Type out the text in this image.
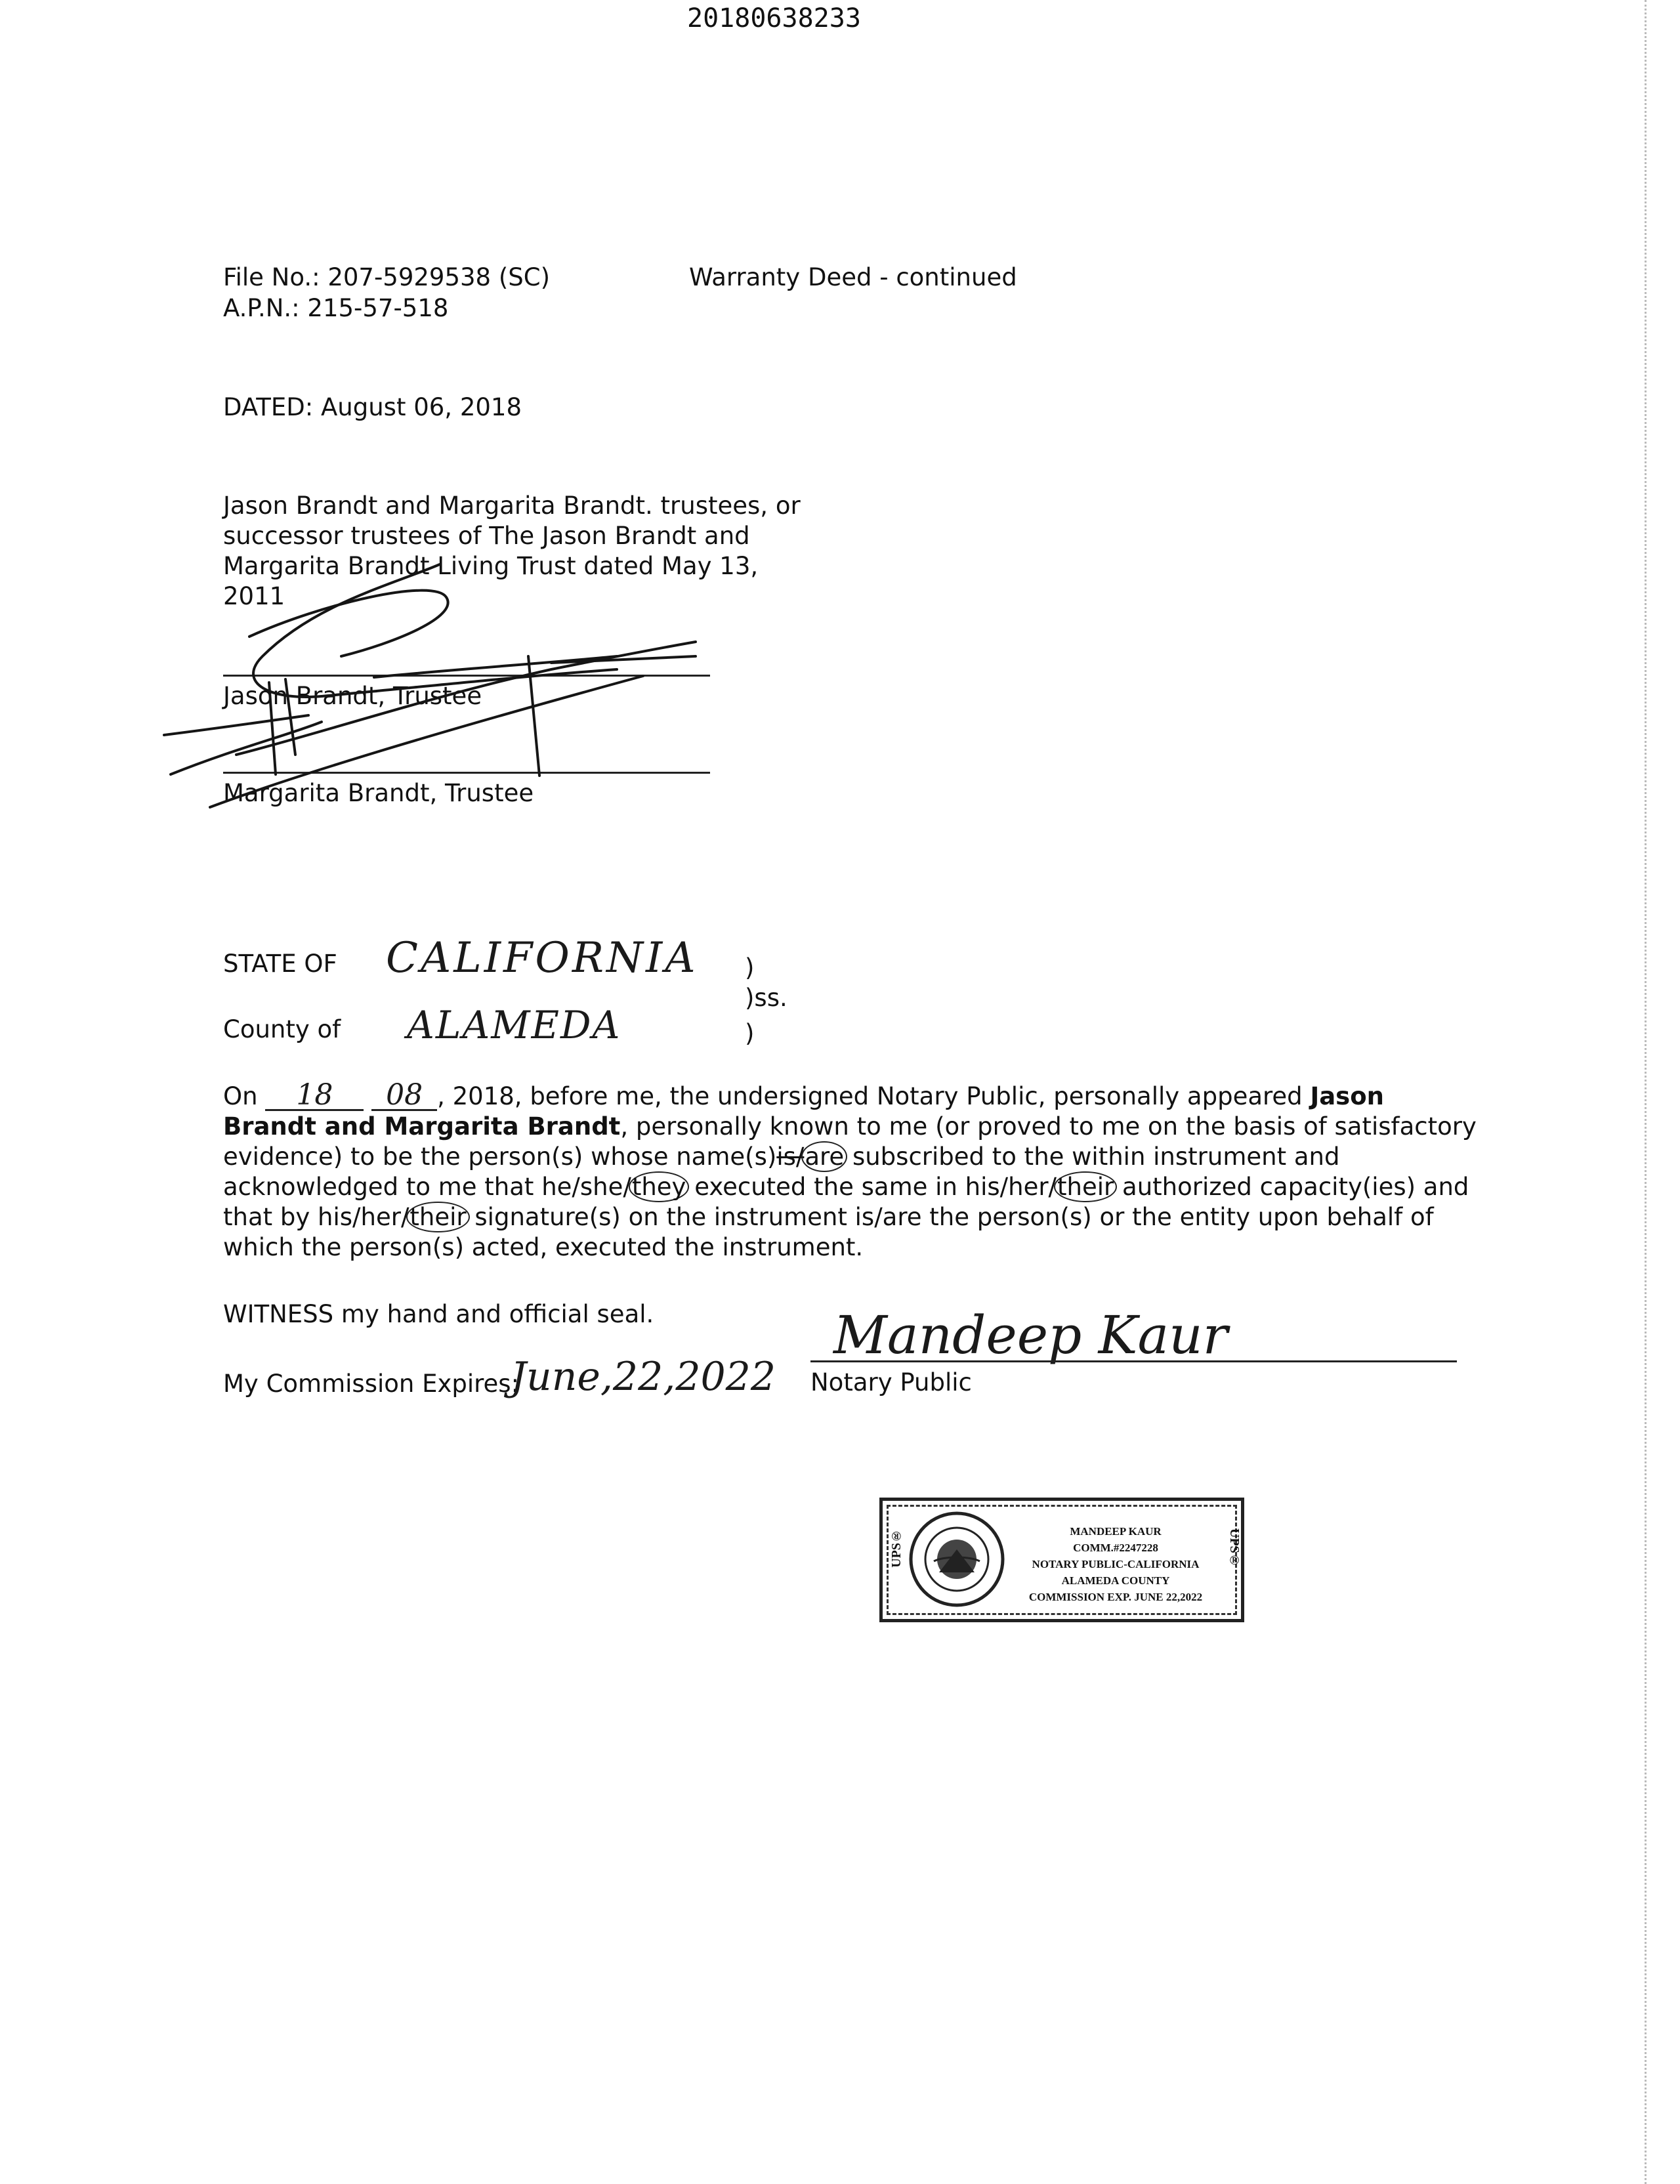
20180638233
File No.: 207-5929538 (SC)
A.P.N.: 215-57-518
Warranty Deed - continued
DATED: August 06, 2018
Jason Brandt and Margarita Brandt. trustees, or
successor trustees of The Jason Brandt and
Margarita Brandt Living Trust dated May 13,
2011
Jason Brandt, Trustee
Margarita Brandt, Trustee
STATE OF CALIFORNIA )
)ss.
County of ALAMEDA	)
On 18 08 , 2018, before me, the undersigned Notary Public, personally appeared Jason
Brandt and Margarita Brandt, personally known to me (or proved to me on the basis of satisfactory
evidence) to be the person(s) whose name(s)is/are subscribed to the within instrument and
acknowledged to me that he/she/they executed the same in his/her/their authorized capacity(ies) and
that by his/her/their signature(s) on the instrument is/are the person(s) or the entity upon behalf of
which the person(s) acted, executed the instrument.
WITNESS my hand and official seal.
My Commission Expires:
June,22,2022
Mandeep Kaur
Notary Public
UPS®	UPS®
MANDEEP KAUR
COMM.#2247228
NOTARY PUBLIC-CALIFORNIA
ALAMEDA COUNTY
COMMISSION EXP. JUNE 22,2022
